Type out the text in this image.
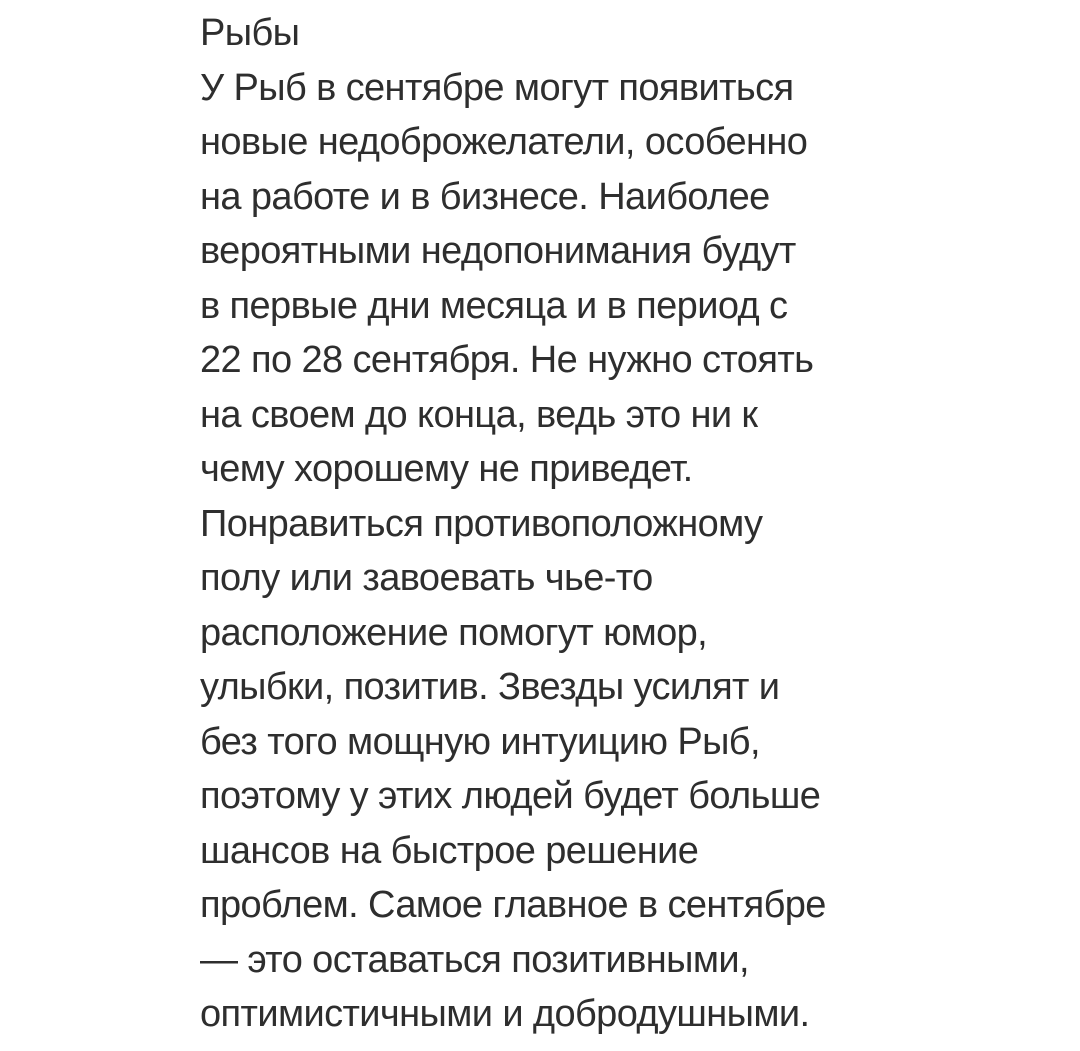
Рыбы
У Рыб в сентябре могут появиться
новые недоброжелатели, особенно
на работе и в бизнесе. Наиболее
вероятными недопонимания будут
в первые дни месяца и в период с
22 по 28 сентября. Не нужно стоять
на своем до конца, ведь это ни к
чему хорошему не приведет.
Понравиться противоположному
полу или завоевать чье-то
расположение помогут юмор,
улыбки, позитив. Звезды усилят и
без того мощную интуицию Рыб,
поэтому у этих людей будет больше
шансов на быстрое решение
проблем. Самое главное в сентябре
— это оставаться позитивными,
оптимистичными и добродушными.
